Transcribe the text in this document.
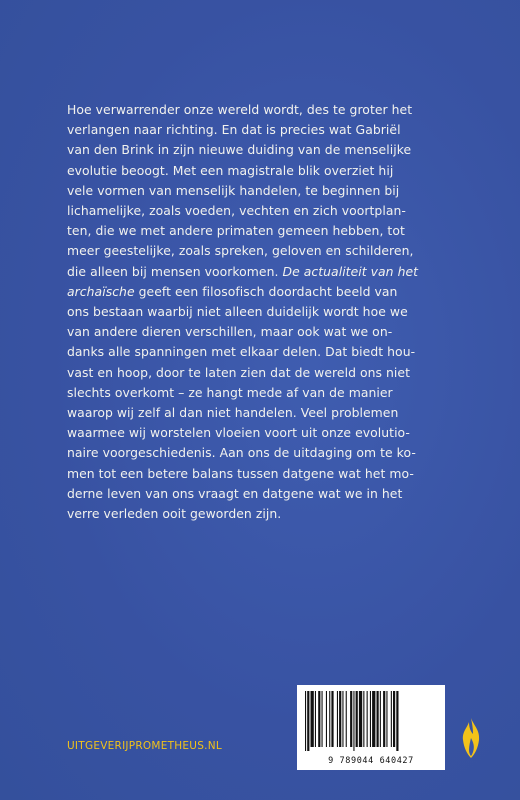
Hoe verwarrender onze wereld wordt, des te groter het
verlangen naar richting. En dat is precies wat Gabriël
van den Brink in zijn nieuwe duiding van de menselijke
evolutie beoogt. Met een magistrale blik overziet hij
vele vormen van menselijk handelen, te beginnen bij
lichamelijke, zoals voeden, vechten en zich voortplan-
ten, die we met andere primaten gemeen hebben, tot
meer geestelijke, zoals spreken, geloven en schilderen,
die alleen bij mensen voorkomen. De actualiteit van het
archaïsche geeft een filosofisch doordacht beeld van
ons bestaan waarbij niet alleen duidelijk wordt hoe we
van andere dieren verschillen, maar ook wat we on-
danks alle spanningen met elkaar delen. Dat biedt hou-
vast en hoop, door te laten zien dat de wereld ons niet
slechts overkomt – ze hangt mede af van de manier
waarop wij zelf al dan niet handelen. Veel problemen
waarmee wij worstelen vloeien voort uit onze evolutio-
naire voorgeschiedenis. Aan ons de uitdaging om te ko-
men tot een betere balans tussen datgene wat het mo-
derne leven van ons vraagt en datgene wat we in het
verre verleden ooit geworden zijn.

UITGEVERIJPROMETHEUS.NL
9 789044 640427
